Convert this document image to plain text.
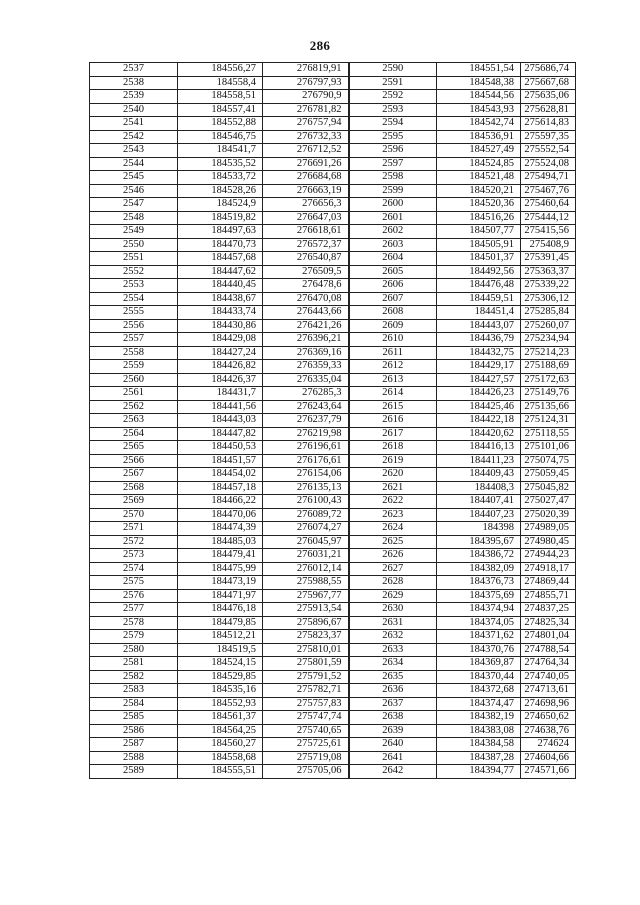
286
2537	184556,27	276819,91	2590	184551,54	275686,74
2538	184558,4	276797,93	2591	184548,38	275667,68
2539	184558,51	276790,9	2592	184544,56	275635,06
2540	184557,41	276781,82	2593	184543,93	275628,81
2541	184552,88	276757,94	2594	184542,74	275614,83
2542	184546,75	276732,33	2595	184536,91	275597,35
2543	184541,7	276712,52	2596	184527,49	275552,54
2544	184535,52	276691,26	2597	184524,85	275524,08
2545	184533,72	276684,68	2598	184521,48	275494,71
2546	184528,26	276663,19	2599	184520,21	275467,76
2547	184524,9	276656,3	2600	184520,36	275460,64
2548	184519,82	276647,03	2601	184516,26	275444,12
2549	184497,63	276618,61	2602	184507,77	275415,56
2550	184470,73	276572,37	2603	184505,91	275408,9
2551	184457,68	276540,87	2604	184501,37	275391,45
2552	184447,62	276509,5	2605	184492,56	275363,37
2553	184440,45	276478,6	2606	184476,48	275339,22
2554	184438,67	276470,08	2607	184459,51	275306,12
2555	184433,74	276443,66	2608	184451,4	275285,84
2556	184430,86	276421,26	2609	184443,07	275260,07
2557	184429,08	276396,21	2610	184436,79	275234,94
2558	184427,24	276369,16	2611	184432,75	275214,23
2559	184426,82	276359,33	2612	184429,17	275188,69
2560	184426,37	276335,04	2613	184427,57	275172,63
2561	184431,7	276285,3	2614	184426,23	275149,76
2562	184441,56	276243,64	2615	184425,46	275135,66
2563	184443,03	276237,79	2616	184422,18	275124,31
2564	184447,82	276219,98	2617	184420,62	275118,55
2565	184450,53	276196,61	2618	184416,13	275101,06
2566	184451,57	276176,61	2619	184411,23	275074,75
2567	184454,02	276154,06	2620	184409,43	275059,45
2568	184457,18	276135,13	2621	184408,3	275045,82
2569	184466,22	276100,43	2622	184407,41	275027,47
2570	184470,06	276089,72	2623	184407,23	275020,39
2571	184474,39	276074,27	2624	184398	274989,05
2572	184485,03	276045,97	2625	184395,67	274980,45
2573	184479,41	276031,21	2626	184386,72	274944,23
2574	184475,99	276012,14	2627	184382,09	274918,17
2575	184473,19	275988,55	2628	184376,73	274869,44
2576	184471,97	275967,77	2629	184375,69	274855,71
2577	184476,18	275913,54	2630	184374,94	274837,25
2578	184479,85	275896,67	2631	184374,05	274825,34
2579	184512,21	275823,37	2632	184371,62	274801,04
2580	184519,5	275810,01	2633	184370,76	274788,54
2581	184524,15	275801,59	2634	184369,87	274764,34
2582	184529,85	275791,52	2635	184370,44	274740,05
2583	184535,16	275782,71	2636	184372,68	274713,61
2584	184552,93	275757,83	2637	184374,47	274698,96
2585	184561,37	275747,74	2638	184382,19	274650,62
2586	184564,25	275740,65	2639	184383,08	274638,76
2587	184560,27	275725,61	2640	184384,58	274624
2588	184558,68	275719,08	2641	184387,28	274604,66
2589	184555,51	275705,06	2642	184394,77	274571,66
